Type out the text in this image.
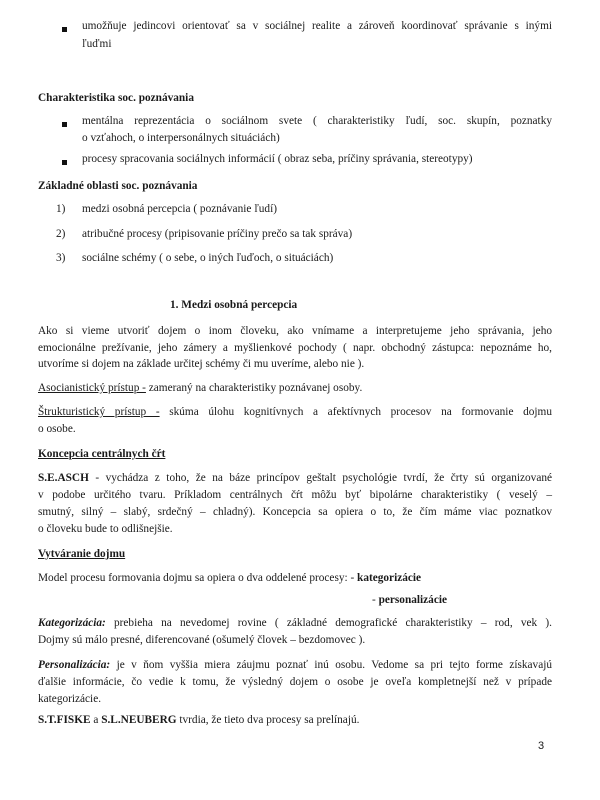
umožňuje jedincovi orientovať sa v sociálnej realite a zároveň koordinovať správanie s inými
ľuďmi
Charakteristika soc. poznávania
mentálna reprezentácia o sociálnom svete ( charakteristiky ľudí, soc. skupín, poznatky
o vzťahoch, o interpersonálnych situáciách)
procesy spracovania sociálnych informácií ( obraz seba, príčiny správania, stereotypy)
Základné oblasti soc. poznávania
1) medzi osobná percepcia ( poznávanie ľudí)
2) atribučné procesy (pripisovanie príčiny prečo sa tak správa)
3) sociálne schémy ( o sebe, o iných ľuďoch, o situáciách)
1. Medzi osobná percepcia
Ako si vieme utvoriť dojem o inom človeku, ako vnímame a interpretujeme jeho správania, jeho
emocionálne prežívanie, jeho zámery a myšlienkové pochody ( napr. obchodný zástupca: nepoznáme ho,
utvoríme si dojem na základe určitej schémy či mu uveríme, alebo nie ).
Asocianistický prístup - zameraný na charakteristiky poznávanej osoby.
Štrukturistický prístup - skúma úlohu kognitívnych a afektívnych procesov na formovanie dojmu
o osobe.
Koncepcia centrálnych čŕt
S.E.ASCH - vychádza z toho, že na báze princípov geštalt psychológie tvrdí, že črty sú organizované
v podobe určitého tvaru. Príkladom centrálnych čŕt môžu byť bipolárne charakteristiky ( veselý –
smutný, silný – slabý, srdečný – chladný). Koncepcia sa opiera o to, že čím máme viac poznatkov
o človeku bude to odlišnejšie.
Vytváranie dojmu
Model procesu formovania dojmu sa opiera o dva oddelené procesy: - kategorizácie
- personalizácie
Kategorizácia: prebieha na nevedomej rovine ( základné demografické charakteristiky – rod, vek ).
Dojmy sú málo presné, diferencované (ošumelý človek – bezdomovec ).
Personalizácia: je v ňom vyššia miera záujmu poznať inú osobu. Vedome sa pri tejto forme získavajú
ďalšie informácie, čo vedie k tomu, že výsledný dojem o osobe je oveľa kompletnejší než v prípade
kategorizácie.
S.T.FISKE a S.L.NEUBERG tvrdia, že tieto dva procesy sa prelínajú.
3
